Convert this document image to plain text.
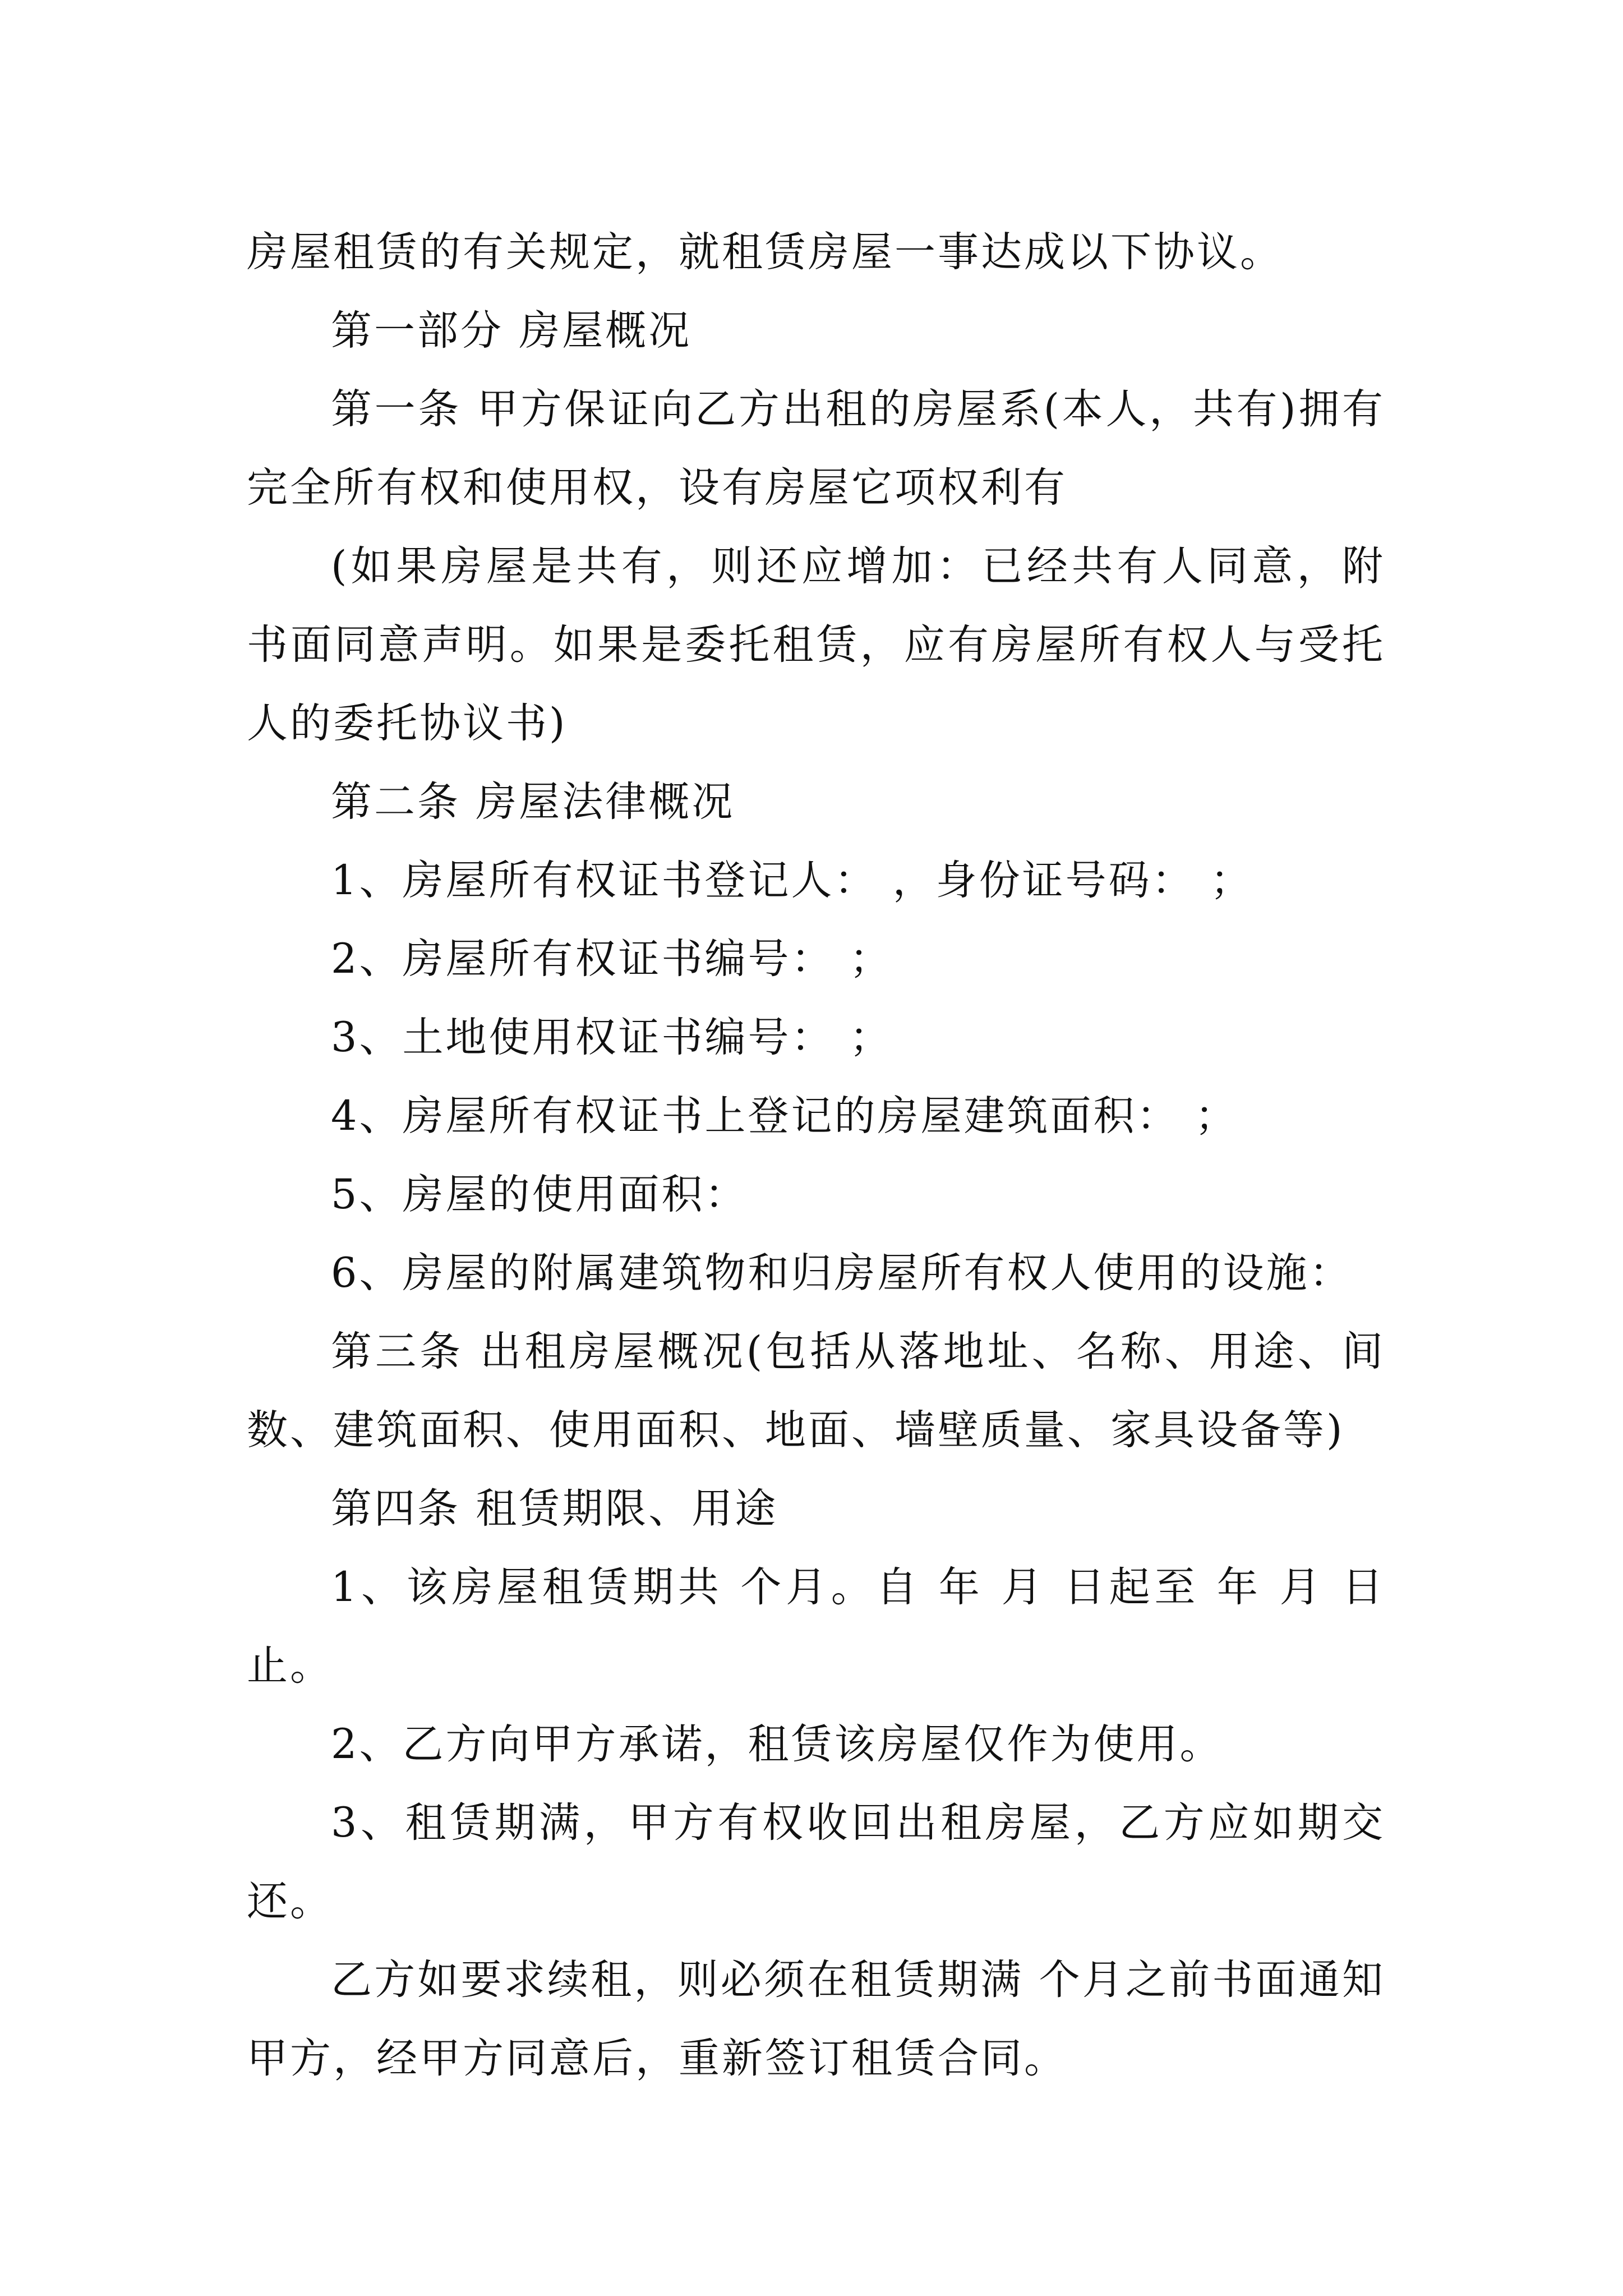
房屋租赁的有关规定，就租赁房屋一事达成以下协议。

第一部分 房屋概况

第一条 甲方保证向乙方出租的房屋系(本人，共有)拥有完全所有权和使用权，设有房屋它项权利有

(如果房屋是共有，则还应增加：已经共有人同意，附书面同意声明。如果是委托租赁，应有房屋所有权人与受托人的委托协议书)

第二条 房屋法律概况

1、房屋所有权证书登记人： ，身份证号码： ；

2、房屋所有权证书编号： ；

3、土地使用权证书编号： ；

4、房屋所有权证书上登记的房屋建筑面积： ；

5、房屋的使用面积：

6、房屋的附属建筑物和归房屋所有权人使用的设施：

第三条 出租房屋概况(包括从落地址、名称、用途、间数、建筑面积、使用面积、地面、墙壁质量、家具设备等)

第四条 租赁期限、用途

1、该房屋租赁期共 个月。自 年 月 日起至 年 月 日止。

2、乙方向甲方承诺，租赁该房屋仅作为使用。

3、租赁期满，甲方有权收回出租房屋，乙方应如期交还。

乙方如要求续租，则必须在租赁期满 个月之前书面通知甲方，经甲方同意后，重新签订租赁合同。
